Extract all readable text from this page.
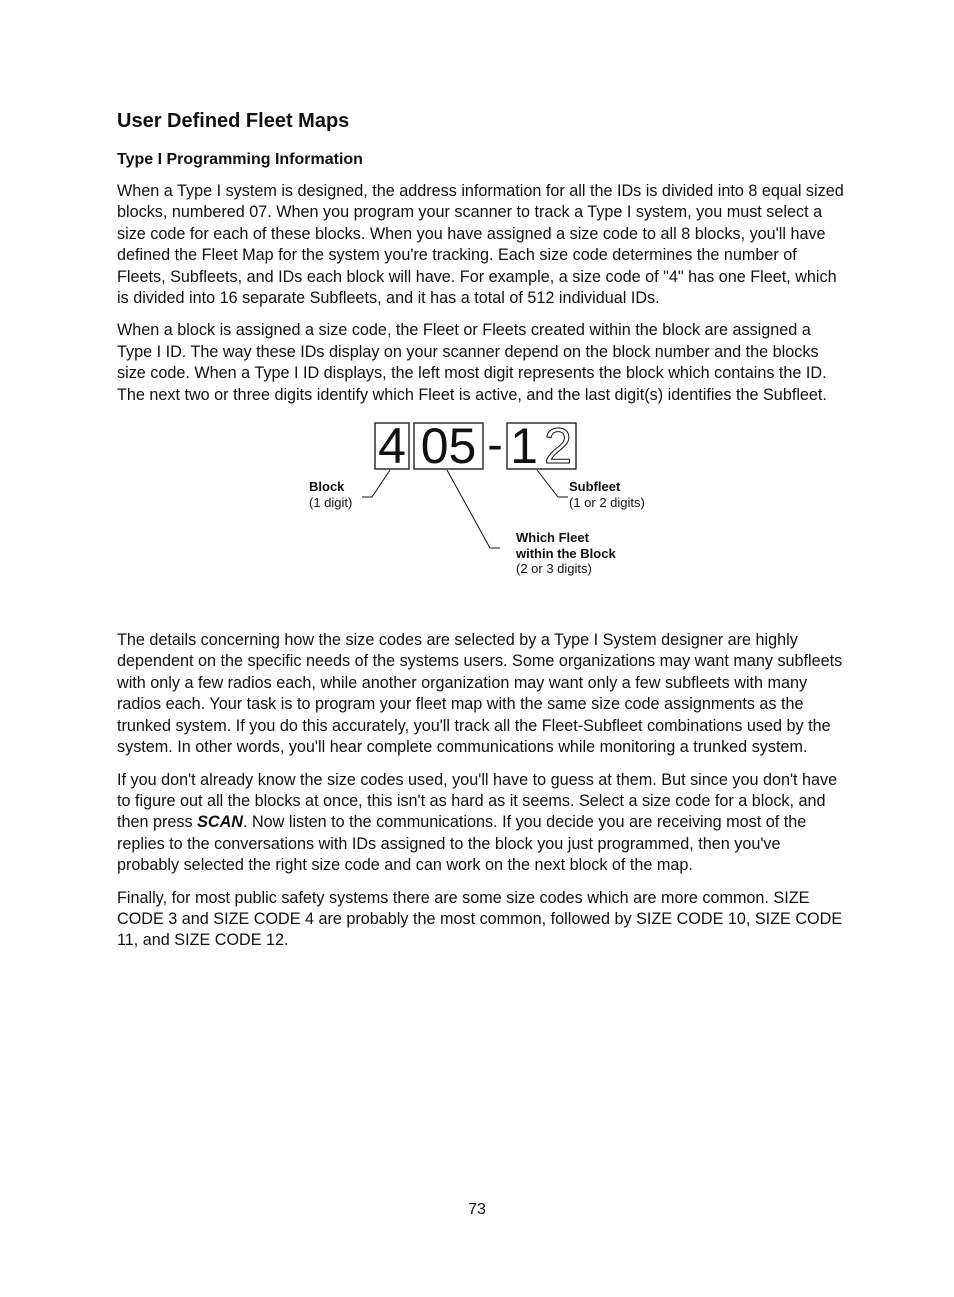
User Defined Fleet Maps
Type I Programming Information

When a Type I system is designed, the address information for all the IDs is divided into 8 equal sized blocks, numbered 07. When you program your scanner to track a Type I system, you must select a size code for each of these blocks. When you have assigned a size code to all 8 blocks, you'll have defined the Fleet Map for the system you're tracking. Each size code determines the number of Fleets, Subfleets, and IDs each block will have. For example, a size code of "4" has one Fleet, which is divided into 16 separate Subfleets, and it has a total of 512 individual IDs.

When a block is assigned a size code, the Fleet or Fleets created within the block are assigned a Type I ID. The way these IDs display on your scanner depend on the block number and the blocks size code. When a Type I ID displays, the left most digit represents the block which contains the ID. The next two or three digits identify which Fleet is active, and the last digit(s) identifies the Subfleet.

4 05 - 1 2
Block
(1 digit)
Subfleet
(1 or 2 digits)
Which Fleet
within the Block
(2 or 3 digits)

The details concerning how the size codes are selected by a Type I System designer are highly dependent on the specific needs of the systems users. Some organizations may want many subfleets with only a few radios each, while another organization may want only a few subfleets with many radios each. Your task is to program your fleet map with the same size code assignments as the trunked system. If you do this accurately, you'll track all the Fleet-Subfleet combinations used by the system. In other words, you'll hear complete communications while monitoring a trunked system.

If you don't already know the size codes used, you'll have to guess at them. But since you don't have to figure out all the blocks at once, this isn't as hard as it seems. Select a size code for a block, and then press SCAN. Now listen to the communications. If you decide you are receiving most of the replies to the conversations with IDs assigned to the block you just programmed, then you've probably selected the right size code and can work on the next block of the map.

Finally, for most public safety systems there are some size codes which are more common. SIZE CODE 3 and SIZE CODE 4 are probably the most common, followed by SIZE CODE 10, SIZE CODE 11, and SIZE CODE 12.

73
